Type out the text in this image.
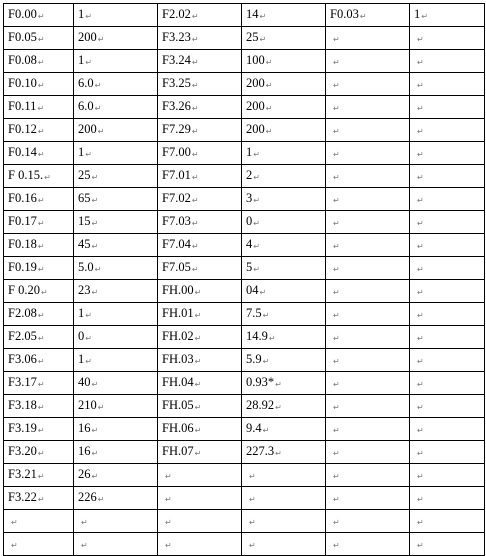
F0.00↵	1↵	F2.02↵	14↵	F0.03↵	1↵
F0.05↵	200↵	F3.23↵	25↵	↵	↵
F0.08↵	1↵	F3.24↵	100↵	↵	↵
F0.10↵	6.0↵	F3.25↵	200↵	↵	↵
F0.11↵	6.0↵	F3.26↵	200↵	↵	↵
F0.12↵	200↵	F7.29↵	200↵	↵	↵
F0.14↵	1↵	F7.00↵	1↵	↵	↵
F 0.15.↵	25↵	F7.01↵	2↵	↵	↵
F0.16↵	65↵	F7.02↵	3↵	↵	↵
F0.17↵	15↵	F7.03↵	0↵	↵	↵
F0.18↵	45↵	F7.04↵	4↵	↵	↵
F0.19↵	5.0↵	F7.05↵	5↵	↵	↵
F 0.20↵	23↵	FH.00↵	04↵	↵	↵
F2.08↵	1↵	FH.01↵	7.5↵	↵	↵
F2.05↵	0↵	FH.02↵	14.9↵	↵	↵
F3.06↵	1↵	FH.03↵	5.9↵	↵	↵
F3.17↵	40↵	FH.04↵	0.93*↵	↵	↵
F3.18↵	210↵	FH.05↵	28.92↵	↵	↵
F3.19↵	16↵	FH.06↵	9.4↵	↵	↵
F3.20↵	16↵	FH.07↵	227.3↵	↵	↵
F3.21↵	26↵	↵	↵	↵	↵
F3.22↵	226↵	↵	↵	↵	↵
↵	↵	↵	↵	↵	↵
↵	↵	↵	↵	↵	↵
